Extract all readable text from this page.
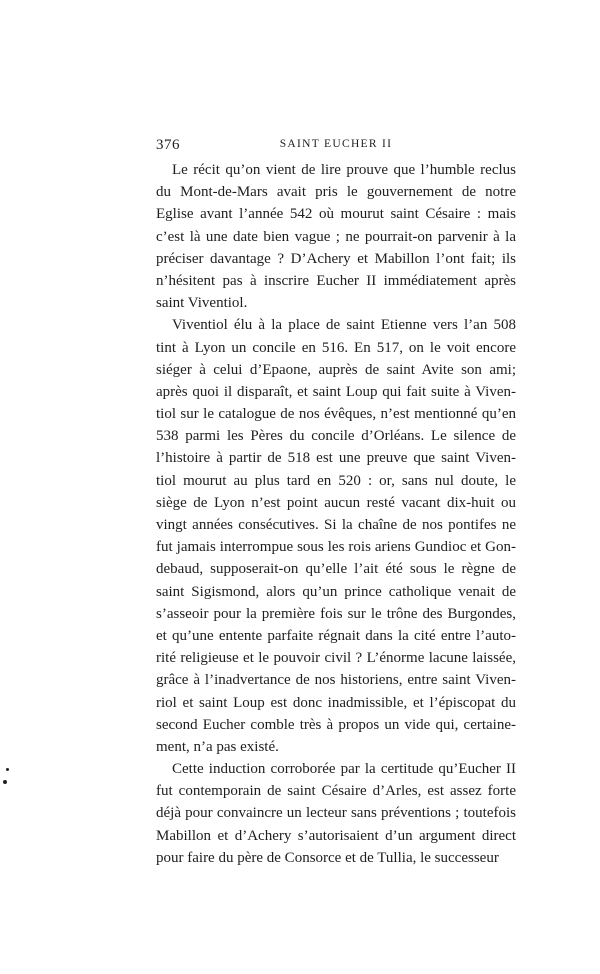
376	SAINT EUCHER II
Le récit qu’on vient de lire prouve que l’humble reclus
du Mont-de-Mars avait pris le gouvernement de notre
Eglise avant l’année 542 où mourut saint Césaire : mais
c’est là une date bien vague ; ne pourrait-on parvenir à la
préciser davantage ? D’Achery et Mabillon l’ont fait; ils
n’hésitent pas à inscrire Eucher II immédiatement après
saint Viventiol.
Viventiol élu à la place de saint Etienne vers l’an 508
tint à Lyon un concile en 516. En 517, on le voit encore
siéger à celui d’Epaone, auprès de saint Avite son ami;
après quoi il disparaît, et saint Loup qui fait suite à Viven-
tiol sur le catalogue de nos évêques, n’est mentionné qu’en
538 parmi les Pères du concile d’Orléans. Le silence de
l’histoire à partir de 518 est une preuve que saint Viven-
tiol mourut au plus tard en 520 : or, sans nul doute, le
siège de Lyon n’est point aucun resté vacant dix-huit ou
vingt années consécutives. Si la chaîne de nos pontifes ne
fut jamais interrompue sous les rois ariens Gundioc et Gon-
debaud, supposerait-on qu’elle l’ait été sous le règne de
saint Sigismond, alors qu’un prince catholique venait de
s’asseoir pour la première fois sur le trône des Burgondes,
et qu’une entente parfaite régnait dans la cité entre l’auto-
rité religieuse et le pouvoir civil ? L’énorme lacune laissée,
grâce à l’inadvertance de nos historiens, entre saint Viven-
riol et saint Loup est donc inadmissible, et l’épiscopat du
second Eucher comble très à propos un vide qui, certaine-
ment, n’a pas existé.
Cette induction corroborée par la certitude qu’Eucher II
fut contemporain de saint Césaire d’Arles, est assez forte
déjà pour convaincre un lecteur sans préventions ; toutefois
Mabillon et d’Achery s’autorisaient d’un argument direct
pour faire du père de Consorce et de Tullia, le successeur
